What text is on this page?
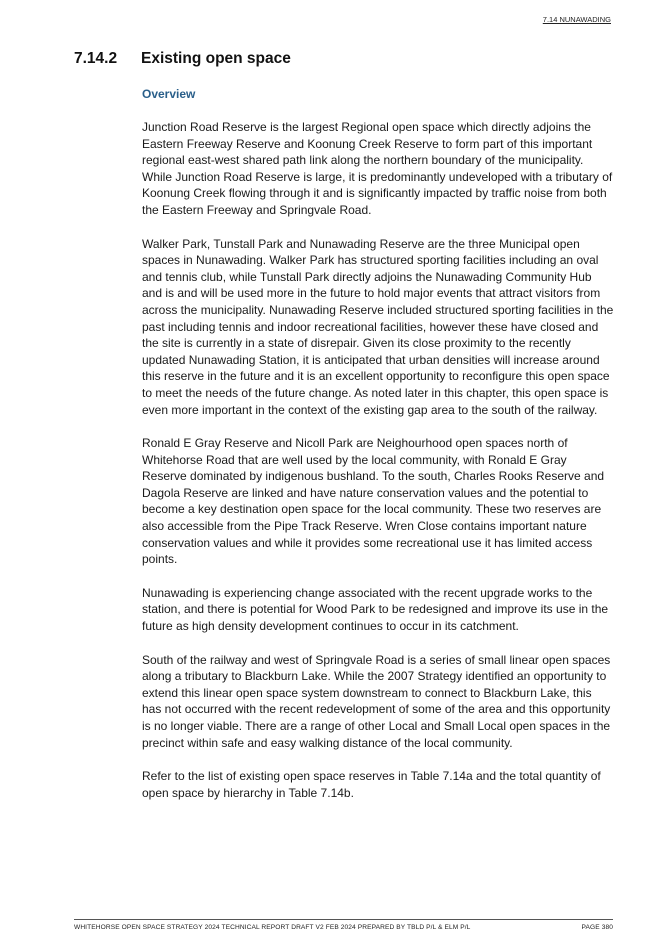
7.14 NUNAWADING
7.14.2 Existing open space
Overview

Junction Road Reserve is the largest Regional open space which directly adjoins the Eastern Freeway Reserve and Koonung Creek Reserve to form part of this important regional east-west shared path link along the northern boundary of the municipality. While Junction Road Reserve is large, it is predominantly undeveloped with a tributary of Koonung Creek flowing through it and is significantly impacted by traffic noise from both the Eastern Freeway and Springvale Road.

Walker Park, Tunstall Park and Nunawading Reserve are the three Municipal open spaces in Nunawading. Walker Park has structured sporting facilities including an oval and tennis club, while Tunstall Park directly adjoins the Nunawading Community Hub and is and will be used more in the future to hold major events that attract visitors from across the municipality. Nunawading Reserve included structured sporting facilities in the past including tennis and indoor recreational facilities, however these have closed and the site is currently in a state of disrepair. Given its close proximity to the recently updated Nunawading Station, it is anticipated that urban densities will increase around this reserve in the future and it is an excellent opportunity to reconfigure this open space to meet the needs of the future change. As noted later in this chapter, this open space is even more important in the context of the existing gap area to the south of the railway.

Ronald E Gray Reserve and Nicoll Park are Neighourhood open spaces north of Whitehorse Road that are well used by the local community, with Ronald E Gray Reserve dominated by indigenous bushland. To the south, Charles Rooks Reserve and Dagola Reserve are linked and have nature conservation values and the potential to become a key destination open space for the local community. These two reserves are also accessible from the Pipe Track Reserve. Wren Close contains important nature conservation values and while it provides some recreational use it has limited access points.

Nunawading is experiencing change associated with the recent upgrade works to the station, and there is potential for Wood Park to be redesigned and improve its use in the future as high density development continues to occur in its catchment.

South of the railway and west of Springvale Road is a series of small linear open spaces along a tributary to Blackburn Lake. While the 2007 Strategy identified an opportunity to extend this linear open space system downstream to connect to Blackburn Lake, this has not occurred with the recent redevelopment of some of the area and this opportunity is no longer viable. There are a range of other Local and Small Local open spaces in the precinct within safe and easy walking distance of the local community.

Refer to the list of existing open space reserves in Table 7.14a and the total quantity of open space by hierarchy in Table 7.14b.

WHITEHORSE OPEN SPACE STRATEGY 2024 TECHNICAL REPORT DRAFT V2 FEB 2024 PREPARED BY TBLD P/L & ELM P/L	PAGE 380
